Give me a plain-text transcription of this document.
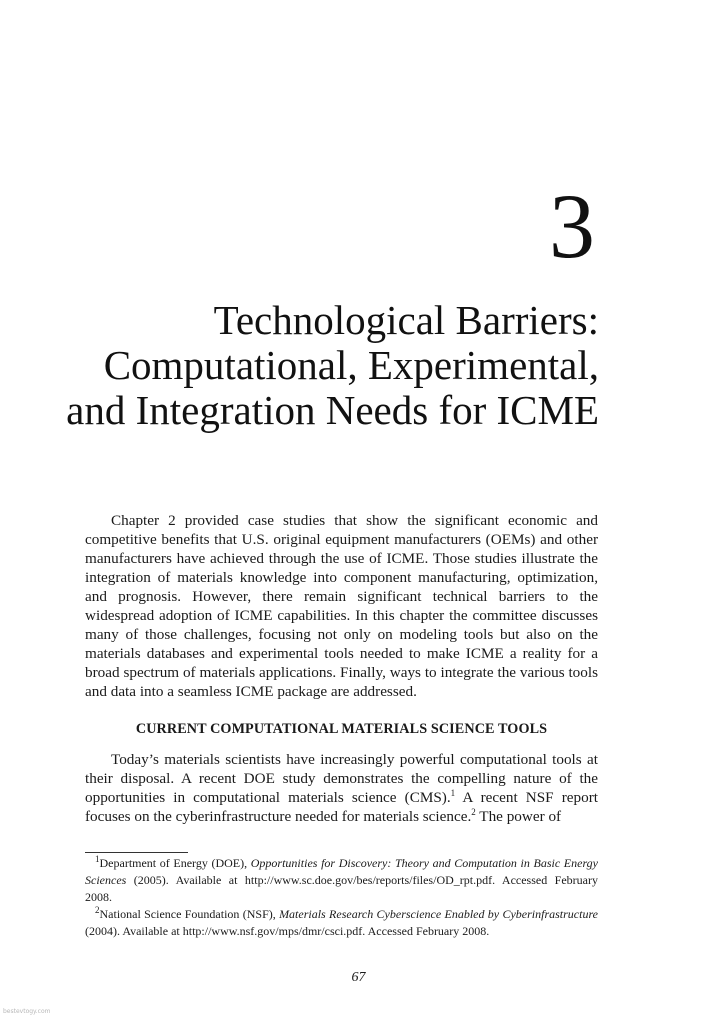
3
Technological Barriers:
Computational, Experimental,
and Integration Needs for ICME

Chapter 2 provided case studies that show the significant economic and competitive benefits that U.S. original equipment manufacturers (OEMs) and other manufacturers have achieved through the use of ICME. Those studies illustrate the integration of materials knowledge into component manufacturing, optimization, and prognosis. However, there remain significant technical barriers to the widespread adoption of ICME capabilities. In this chapter the committee discusses many of those challenges, focusing not only on modeling tools but also on the materials databases and experimental tools needed to make ICME a reality for a broad spectrum of materials applications. Finally, ways to integrate the various tools and data into a seamless ICME package are addressed.

CURRENT COMPUTATIONAL MATERIALS SCIENCE TOOLS

Today’s materials scientists have increasingly powerful computational tools at their disposal. A recent DOE study demonstrates the compelling nature of the opportunities in computational materials science (CMS).$^1$ A recent NSF report focuses on the cyberinfrastructure needed for materials science.$^2$ The power of

$^1$Department of Energy (DOE), Opportunities for Discovery: Theory and Computation in Basic Energy Sciences (2005). Available at http://www.sc.doe.gov/bes/reports/files/OD_rpt.pdf. Accessed February 2008.

$^2$National Science Foundation (NSF), Materials Research Cyberscience Enabled by Cyberinfrastructure (2004). Available at http://www.nsf.gov/mps/dmr/csci.pdf. Accessed February 2008.

67
bestevtogy.com
